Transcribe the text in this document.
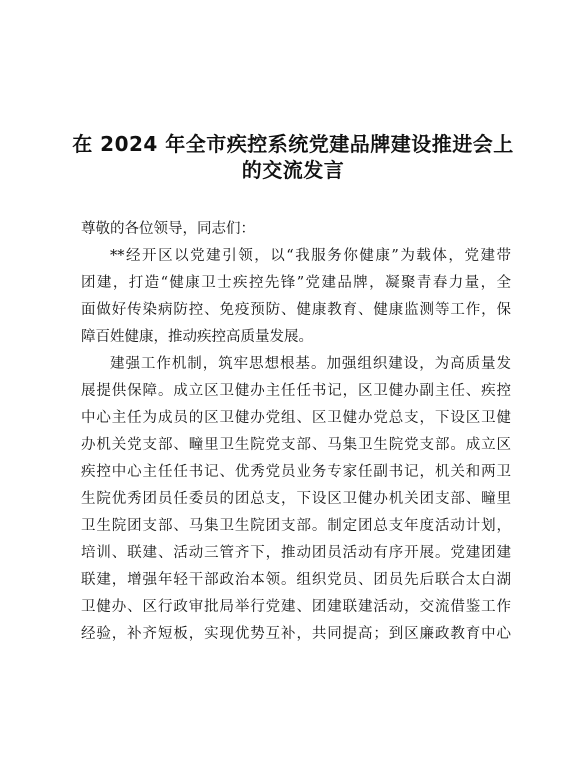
在 2024 年全市疾控系统党建品牌建设推进会上
的交流发言
尊敬的各位领导，同志们：
**经开区以党建引领，以“我服务你健康”为载体，党建带
团建，打造“健康卫士疾控先锋”党建品牌，凝聚青春力量，全
面做好传染病防控、免疫预防、健康教育、健康监测等工作，保
障百姓健康，推动疾控高质量发展。
建强工作机制，筑牢思想根基。加强组织建设，为高质量发
展提供保障。成立区卫健办主任任书记，区卫健办副主任、疾控
中心主任为成员的区卫健办党组、区卫健办党总支，下设区卫健
办机关党支部、疃里卫生院党支部、马集卫生院党支部。成立区
疾控中心主任任书记、优秀党员业务专家任副书记，机关和两卫
生院优秀团员任委员的团总支，下设区卫健办机关团支部、疃里
卫生院团支部、马集卫生院团支部。制定团总支年度活动计划，
培训、联建、活动三管齐下，推动团员活动有序开展。党建团建
联建，增强年轻干部政治本领。组织党员、团员先后联合太白湖
卫健办、区行政审批局举行党建、团建联建活动，交流借鉴工作
经验，补齐短板，实现优势互补，共同提高；到区廉政教育中心
